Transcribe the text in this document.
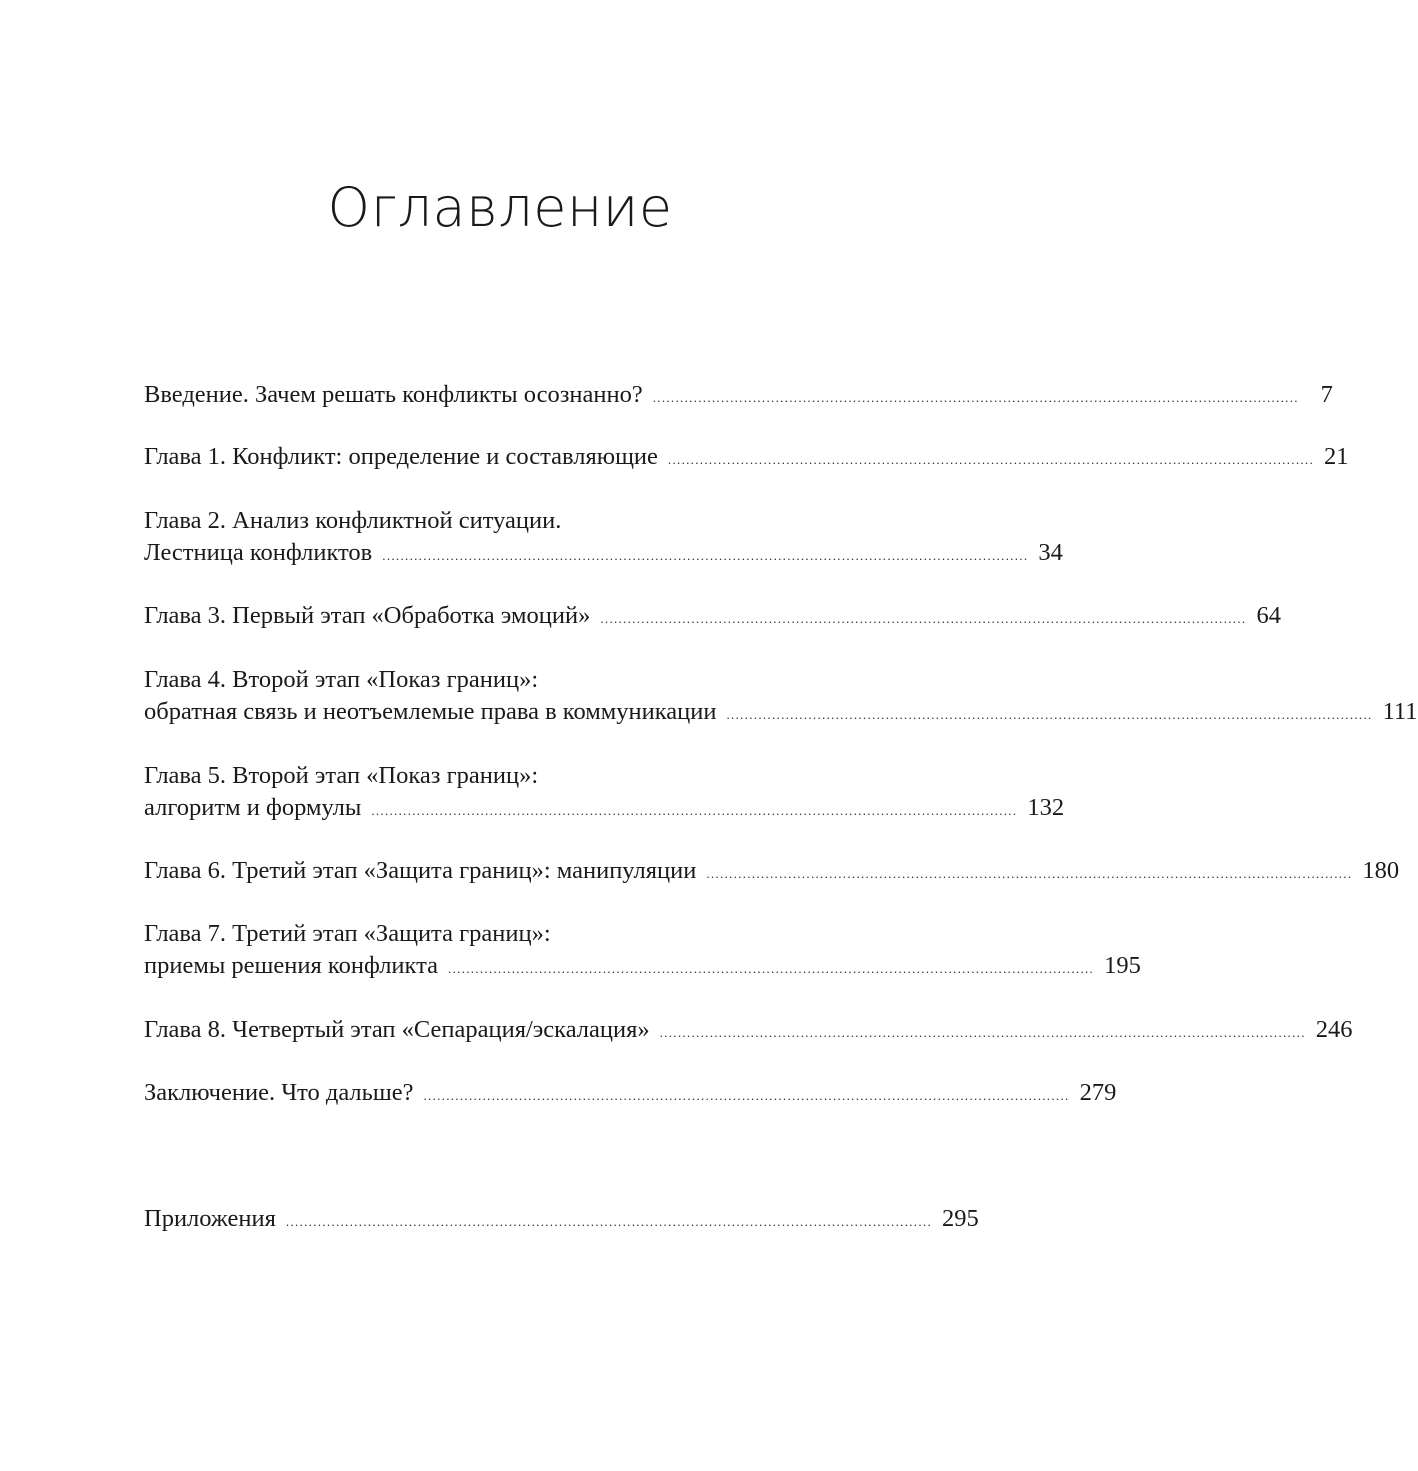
Оглавление
Введение. Зачем решать конфликты осознанно? .............................................................................................................................................. 7
Глава 1. Конфликт: определение и составляющие .............................................................................................................................................. 21
Глава 2. Анализ конфликтной ситуации.
Лестница конфликтов .............................................................................................................................................. 34
Глава 3. Первый этап «Обработка эмоций» .............................................................................................................................................. 64
Глава 4. Второй этап «Показ границ»:
обратная связь и неотъемлемые права в коммуникации .............................................................................................................................................. 111
Глава 5. Второй этап «Показ границ»:
алгоритм и формулы .............................................................................................................................................. 132
Глава 6. Третий этап «Защита границ»: манипуляции .............................................................................................................................................. 180
Глава 7. Третий этап «Защита границ»:
приемы решения конфликта .............................................................................................................................................. 195
Глава 8. Четвертый этап «Сепарация/эскалация» .............................................................................................................................................. 246
Заключение. Что дальше? .............................................................................................................................................. 279
Приложения .............................................................................................................................................. 295
